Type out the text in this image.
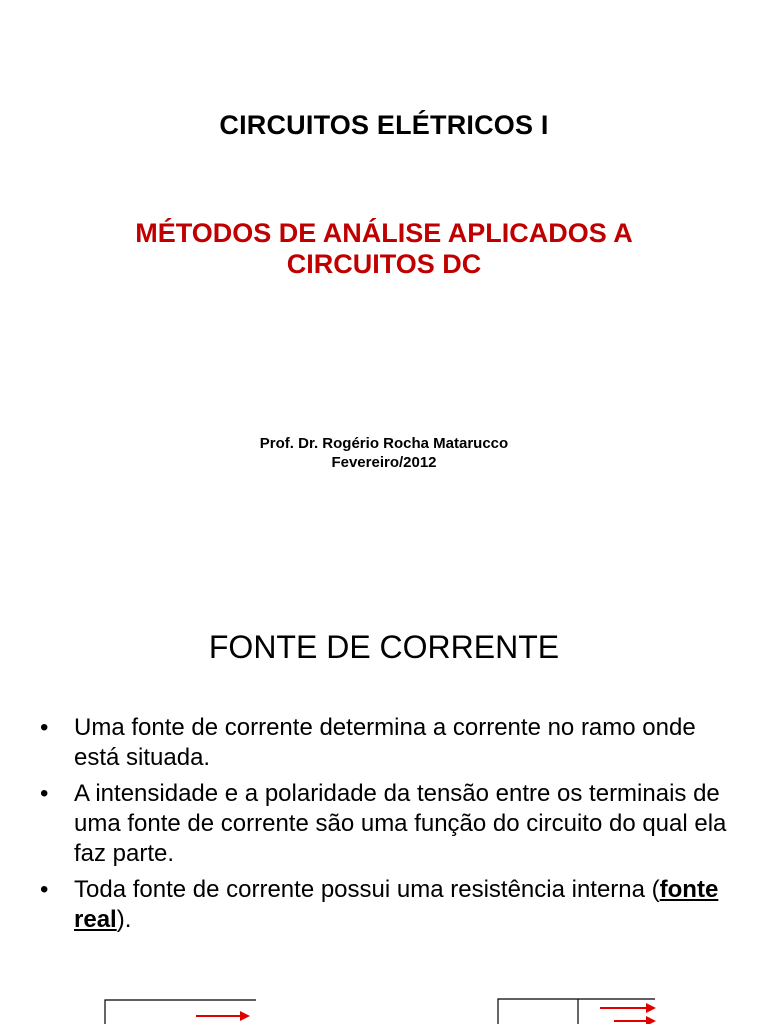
CIRCUITOS ELÉTRICOS I
MÉTODOS DE ANÁLISE APLICADOS A CIRCUITOS DC
Prof. Dr. Rogério Rocha Matarucco
Fevereiro/2012
FONTE DE CORRENTE
• Uma fonte de corrente determina a corrente no ramo onde está situada.
• A intensidade e a polaridade da tensão entre os terminais de uma fonte de corrente são uma função do circuito do qual ela faz parte.
• Toda fonte de corrente possui uma resistência interna (fonte real).
